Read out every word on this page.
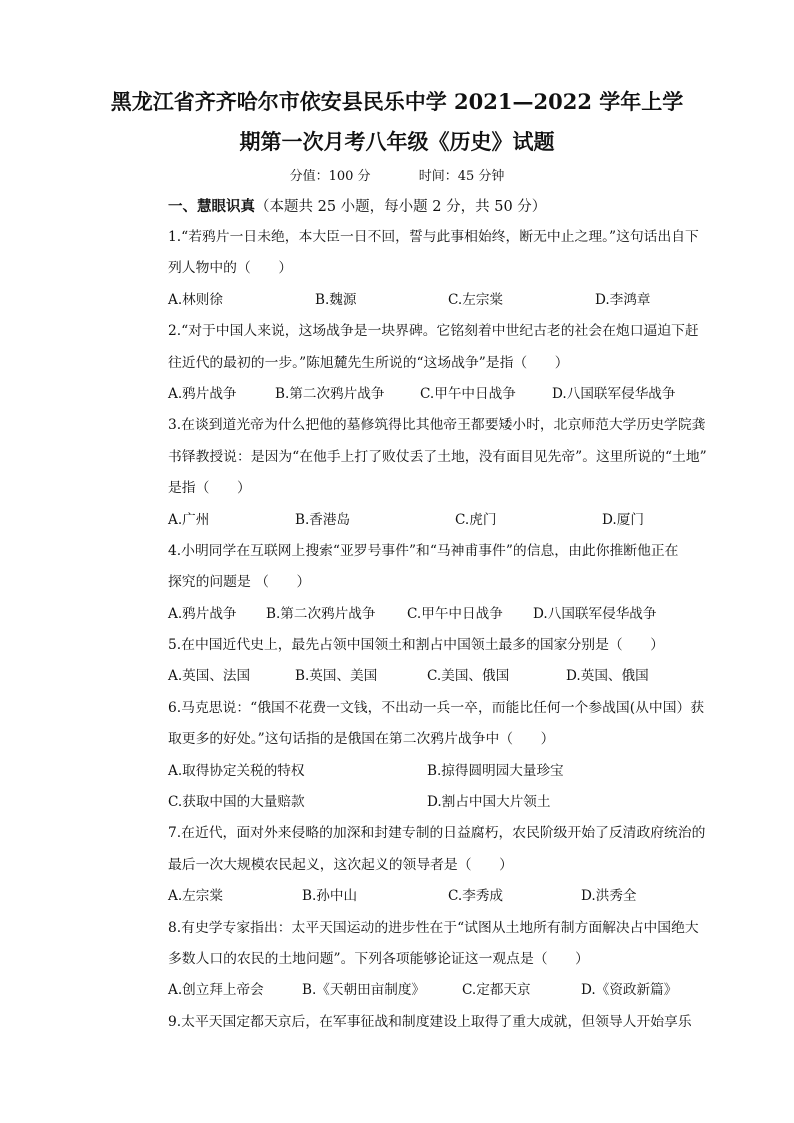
黑龙江省齐齐哈尔市依安县民乐中学 2021—2022 学年上学
期第一次月考八年级《历史》试题
分值：100 分	时间：45 分钟
一、慧眼识真（本题共 25 小题，每小题 2 分，共 50 分）
1.“若鸦片一日未绝，本大臣一日不回，誓与此事相始终，断无中止之理。”这句话出自下
列人物中的（　　）
A.林则徐	B.魏源	C.左宗棠	D.李鸿章
2.“对于中国人来说，这场战争是一块界碑。它铭刻着中世纪古老的社会在炮口逼迫下赶
往近代的最初的一步。”陈旭麓先生所说的“这场战争”是指（　　）
A.鸦片战争	B.第二次鸦片战争	C.甲午中日战争	D.八国联军侵华战争
3.在谈到道光帝为什么把他的墓修筑得比其他帝王都要矮小时，北京师范大学历史学院龚
书铎教授说：是因为“在他手上打了败仗丢了土地，没有面目见先帝”。这里所说的“土地”
是指（　　）
A.广州	B.香港岛	C.虎门	D.厦门
4.小明同学在互联网上搜索“亚罗号事件”和“马神甫事件”的信息，由此你推断他正在
探究的问题是 （　　）
A.鸦片战争 B.第二次鸦片战争 C.甲午中日战争 D.八国联军侵华战争
5.在中国近代史上，最先占领中国领土和割占中国领土最多的国家分别是（　　）
A.英国、法国	B.英国、美国	C.美国、俄国	D.英国、俄国
6.马克思说：“俄国不花费一文钱，不出动一兵一卒，而能比任何一个参战国(从中国）获
取更多的好处。”这句话指的是俄国在第二次鸦片战争中（　　）
A.取得协定关税的特权	B.掠得圆明园大量珍宝
C.获取中国的大量赔款	D.割占中国大片领土
7.在近代，面对外来侵略的加深和封建专制的日益腐朽，农民阶级开始了反清政府统治的
最后一次大规模农民起义，这次起义的领导者是（　　）
A.左宗棠	B.孙中山	C.李秀成	D.洪秀全
8.有史学专家指出：太平天国运动的进步性在于“试图从土地所有制方面解决占中国绝大
多数人口的农民的土地问题”。下列各项能够论证这一观点是（　　）
A.创立拜上帝会	B.《天朝田亩制度》	C.定都天京	D.《资政新篇》
9.太平天国定都天京后，在军事征战和制度建设上取得了重大成就，但领导人开始享乐
